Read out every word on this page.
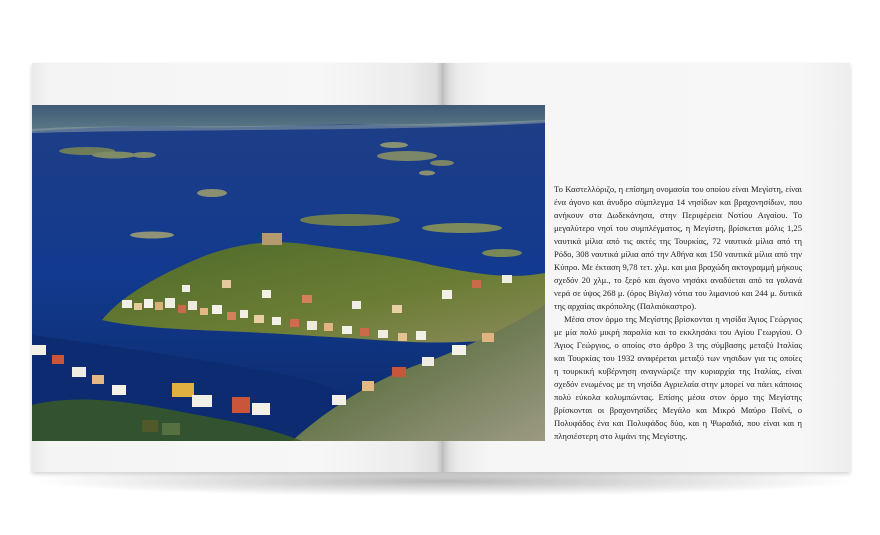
Το Καστελλόριζο, η επίσημη ονομασία του οποίου είναι Μεγίστη, είναι ένα άγονο και άνυδρο σύμπλεγμα 14 νησίδων και βραχονησίδων, που ανήκουν στα Δωδεκάνησα, στην Περιφέρεια Νοτίου Αιγαίου. Το μεγαλύτερο νησί του συμπλέγματος, η Μεγίστη, βρίσκεται μόλις 1,25 ναυτικά μίλια από τις ακτές της Τουρκίας, 72 ναυτικά μίλια από τη Ρόδο, 308 ναυτικά μίλια από την Αθήνα και 150 ναυτικά μίλια από την Κύπρο. Με έκταση 9,78 τετ. χλμ. και μια βραχώδη ακτογραμμή μήκους σχεδόν 20 χλμ., το ξερό και άγονο νησάκι αναδύεται από τα γαλανά νερά σε ύψος 268 μ. (όρος Βίγλα) νότια του λιμανιού και 244 μ. δυτικά της αρχαίας ακρόπολης (Παλαιόκαστρο).

Μέσα στον όρμο της Μεγίστης βρίσκονται η νησίδα Άγιος Γεώργιος με μία πολύ μικρή παραλία και το εκκλησάκι του Αγίου Γεωργίου. Ο Άγιος Γεώργιος, ο οποίος στο άρθρο 3 της σύμβασης μεταξύ Ιταλίας και Τουρκίας του 1932 αναφέρεται μεταξύ των νησιδων για τις οποίες η τουρκική κυβέρνηση αναγνώριζε την κυριαρχία της Ιταλίας, είναι σχεδόν ενωμένος με τη νησίδα Αγριελαία στην μπορεί να πάει κάποιος πολύ εύκολα κολυμπώντας. Επίσης μέσα στον όρμο της Μεγίστης βρίσκονται οι βραχονησίδες Μεγάλο και Μικρό Μαύρο Ποϊνί, ο Πολυφάδος ένα και Πολυφάδος δύο, και η Ψωραδιά, που είναι και η πλησιέστερη στο λιμάνι της Μεγίστης.
